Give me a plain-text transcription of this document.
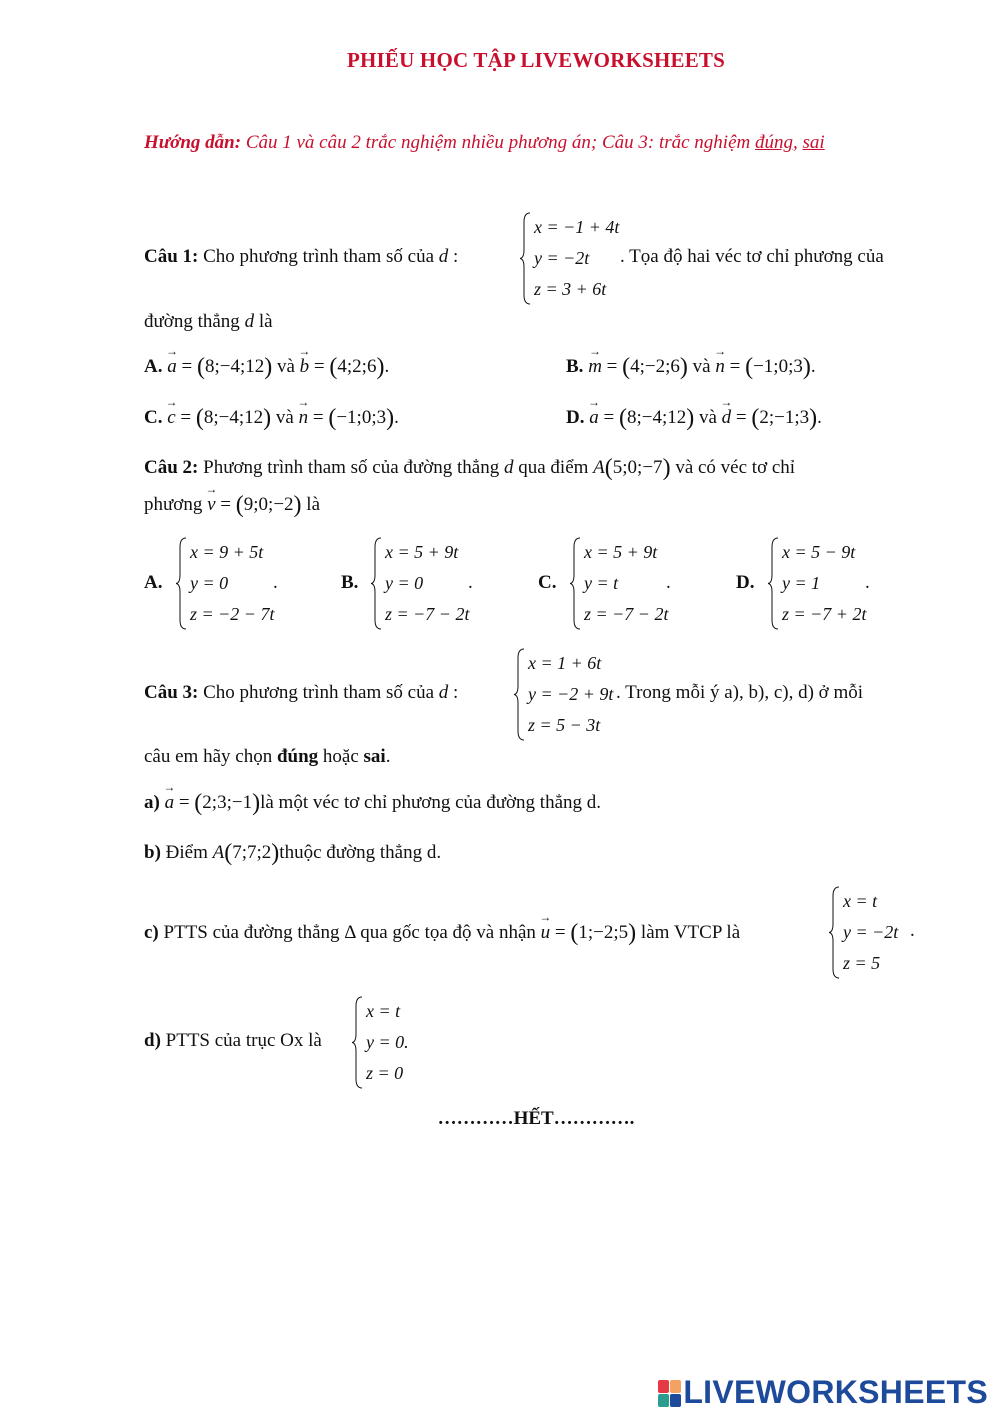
PHIẾU HỌC TẬP LIVEWORKSHEETS
Hướng dẫn: Câu 1 và câu 2 trắc nghiệm nhiều phương án; Câu 3: trắc nghiệm đúng, sai
Câu 1: Cho phương trình tham số của d :
x = −1 + 4t
y = −2t
z = 3 + 6t
. Tọa độ hai véc tơ chỉ phương của
đường thẳng d là
A. → a = (8;−4;12) và → b = (4;2;6).	B. → m = (4;−2;6) và → n = (−1;0;3).
C. → c = (8;−4;12) và → n = (−1;0;3).	D. → a = (8;−4;12) và → d = (2;−1;3).
Câu 2: Phương trình tham số của đường thẳng d qua điểm A(5;0;−7) và có véc tơ chỉ
phương → v = (9;0;−2) là
A.
x = 9 + 5t
y = 0
z = −2 − 7t
.	B.
x = 5 + 9t
y = 0
z = −7 − 2t
.	C.
x = 5 + 9t
y = t
z = −7 − 2t
.	D.
x = 5 − 9t
y = 1
z = −7 + 2t
.
Câu 3: Cho phương trình tham số của d :
x = 1 + 6t
y = −2 + 9t
z = 5 − 3t
. Trong mỗi ý a), b), c), d) ở mỗi
câu em hãy chọn đúng hoặc sai.
a) → a = (2;3;−1)là một véc tơ chỉ phương của đường thẳng d.
b) Điểm A(7;7;2)thuộc đường thẳng d.
c) PTTS của đường thẳng Δ qua gốc tọa độ và nhận → u = (1;−2;5) làm VTCP là
x = t
y = −2t
z = 5
.
d) PTTS của trục Ox là
x = t
y = 0.
z = 0
…………HẾT………….
LIVEWORKSHEETS
